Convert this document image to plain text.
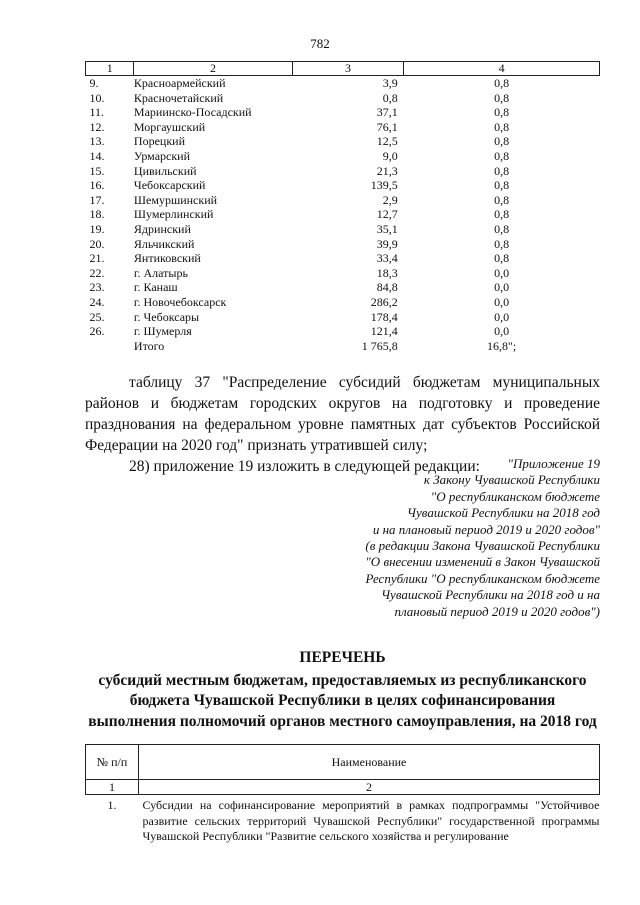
782
1	2	3	4
9.	Красноармейский	3,9	0,8
10.	Красночетайский	0,8	0,8
11.	Мариинско-Посадский	37,1	0,8
12.	Моргаушский	76,1	0,8
13.	Порецкий	12,5	0,8
14.	Урмарский	9,0	0,8
15.	Цивильский	21,3	0,8
16.	Чебоксарский	139,5	0,8
17.	Шемуршинский	2,9	0,8
18.	Шумерлинский	12,7	0,8
19.	Ядринский	35,1	0,8
20.	Яльчикский	39,9	0,8
21.	Янтиковский	33,4	0,8
22.	г. Алатырь	18,3	0,0
23.	г. Канаш	84,8	0,0
24.	г. Новочебоксарск	286,2	0,0
25.	г. Чебоксары	178,4	0,0
26.	г. Шумерля	121,4	0,0
	Итого	1 765,8	16,8";

таблицу 37 "Распределение субсидий бюджетам муниципальных районов и бюджетам городских округов на подготовку и проведение празднования на федеральном уровне памятных дат субъектов Российской Федерации на 2020 год" признать утратившей силу;

28) приложение 19 изложить в следующей редакции:	"Приложение 19
к Закону Чувашской Республики
"О республиканском бюджете
Чувашской Республики на 2018 год
и на плановый период 2019 и 2020 годов"
(в редакции Закона Чувашской Республики
"О внесении изменений в Закон Чувашской
Республики "О республиканском бюджете
Чувашской Республики на 2018 год и на
плановый период 2019 и 2020 годов")
ПЕРЕЧЕНЬ
субсидий местным бюджетам, предоставляемых из республиканского бюджета Чувашской Республики в целях софинансирования выполнения полномочий органов местного самоуправления, на 2018 год
№ п/п	Наименование
1	2
1.	Субсидии на софинансирование мероприятий в рамках подпрограммы "Устойчивое развитие сельских территорий Чувашской Республики" государственной программы Чувашской Республики "Развитие сельского хозяйства и регулирование
